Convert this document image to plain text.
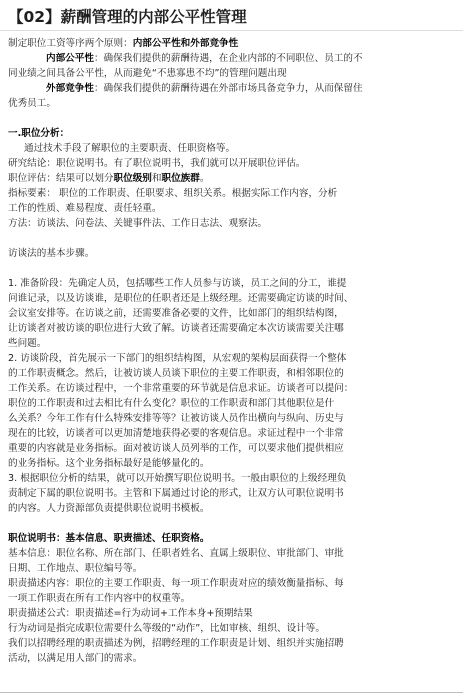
【02】薪酬管理的内部公平性管理

制定职位工资等序两个原则：内部公平性和外部竞争性

内部公平性：确保我们提供的薪酬待遇，在企业内部的不同职位、员工的不

同业绩之间具备公平性，从而避免“不患寡患不均”的管理问题出现

外部竞争性：确保我们提供的薪酬待遇在外部市场具备竞争力，从而保留住

优秀员工。

一.职位分析：

通过技术手段了解职位的主要职责、任职资格等。

研究结论：职位说明书。有了职位说明书，我们就可以开展职位评估。

职位评估：结果可以划分职位级别和职位族群。

指标要素： 职位的工作职责、任职要求、组织关系。根据实际工作内容，分析

工作的性质、难易程度、责任轻重。

方法：访谈法、问卷法、关键事件法、工作日志法、观察法。

访谈法的基本步骤。

1. 准备阶段：先确定人员，包括哪些工作人员参与访谈，员工之间的分工，谁提

问谁记录，以及访谈谁，是职位的任职者还是上级经理。还需要确定访谈的时间、

会议室安排等。在访谈之前，还需要准备必要的文件，比如部门的组织结构图，

让访谈者对被访谈的职位进行大致了解。访谈者还需要确定本次访谈需要关注哪

些问题。

2. 访谈阶段，首先展示一下部门的组织结构图，从宏观的架构层面获得一个整体

的工作职责概念。然后，让被访谈人员谈下职位的主要工作职责，和相邻职位的

工作关系。在访谈过程中，一个非常重要的环节就是信息求证。访谈者可以提问：

职位的工作职责和过去相比有什么变化？职位的工作职责和部门其他职位是什

么关系？今年工作有什么特殊安排等等？让被访谈人员作出横向与纵向、历史与

现在的比较，访谈者可以更加清楚地获得必要的客观信息。求证过程中一个非常

重要的内容就是业务指标。面对被访谈人员列举的工作，可以要求他们提供相应

的业务指标。这个业务指标最好是能够量化的。

3. 根据职位分析的结果，就可以开始撰写职位说明书。一般由职位的上级经理负

责制定下属的职位说明书。主管和下属通过讨论的形式，让双方认可职位说明书

的内容。人力资源部负责提供职位说明书模板。

职位说明书：基本信息、职责描述、任职资格。

基本信息：职位名称、所在部门、任职者姓名、直属上级职位、审批部门、审批

日期、工作地点、职位编号等。

职责描述内容：职位的主要工作职责、每一项工作职责对应的绩效衡量指标、每

一项工作职责在所有工作内容中的权重等。

职责描述公式：职责描述=行为动词+工作本身+预期结果

行为动词是指完成职位需要什么等级的“动作”，比如审核、组织、设计等。

我们以招聘经理的职责描述为例，招聘经理的工作职责是计划、组织并实施招聘

活动，以满足用人部门的需求。
